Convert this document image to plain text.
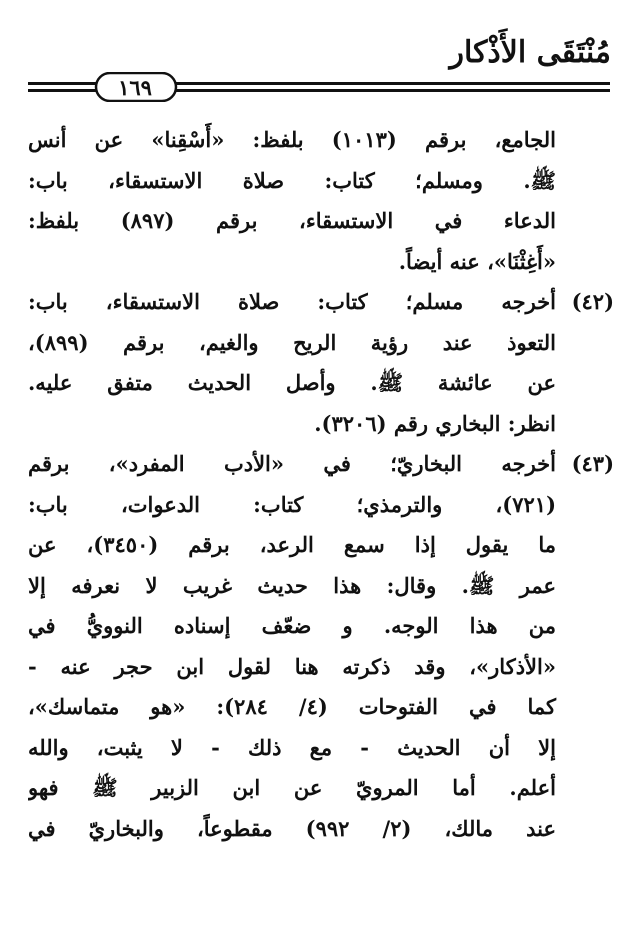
مُنْتَقَى الأَذْكار
١٦٩
الجامع، برقم (١٠١٣) بلفظ: «أَسْقِنا» عن أنس
ﷺ. ومسلم؛ كتاب: صلاة الاستسقاء، باب:
الدعاء في الاستسقاء، برقم (٨٩٧) بلفظ:
«أَغِثْنَا»، عنه أيضاً.
(٤٢)
أخرجه مسلم؛ كتاب: صلاة الاستسقاء، باب:
التعوذ عند رؤية الريح والغيم، برقم (٨٩٩)،
عن عائشة ﷺ. وأصل الحديث متفق عليه.
انظر: البخاري رقم (٣٢٠٦).
(٤٣)
أخرجه البخاريّ؛ في «الأدب المفرد»، برقم
(٧٢١)، والترمذي؛ كتاب: الدعوات، باب:
ما يقول إذا سمع الرعد، برقم (٣٤٥٠)، عن
عمر ﷺ. وقال: هذا حديث غريب لا نعرفه إلا
من هذا الوجه. و ضعّف إسناده النوويُّ في
«الأذكار»، وقد ذكرته هنا لقول ابن حجر عنه -
كما في الفتوحات (٤/ ٢٨٤): «هو متماسك»،
إلا أن الحديث - مع ذلك - لا يثبت، والله
أعلم. أما المرويّ عن ابن الزبير ﷺ فهو
عند مالك، (٢/ ٩٩٢) مقطوعاً، والبخاريّ في
